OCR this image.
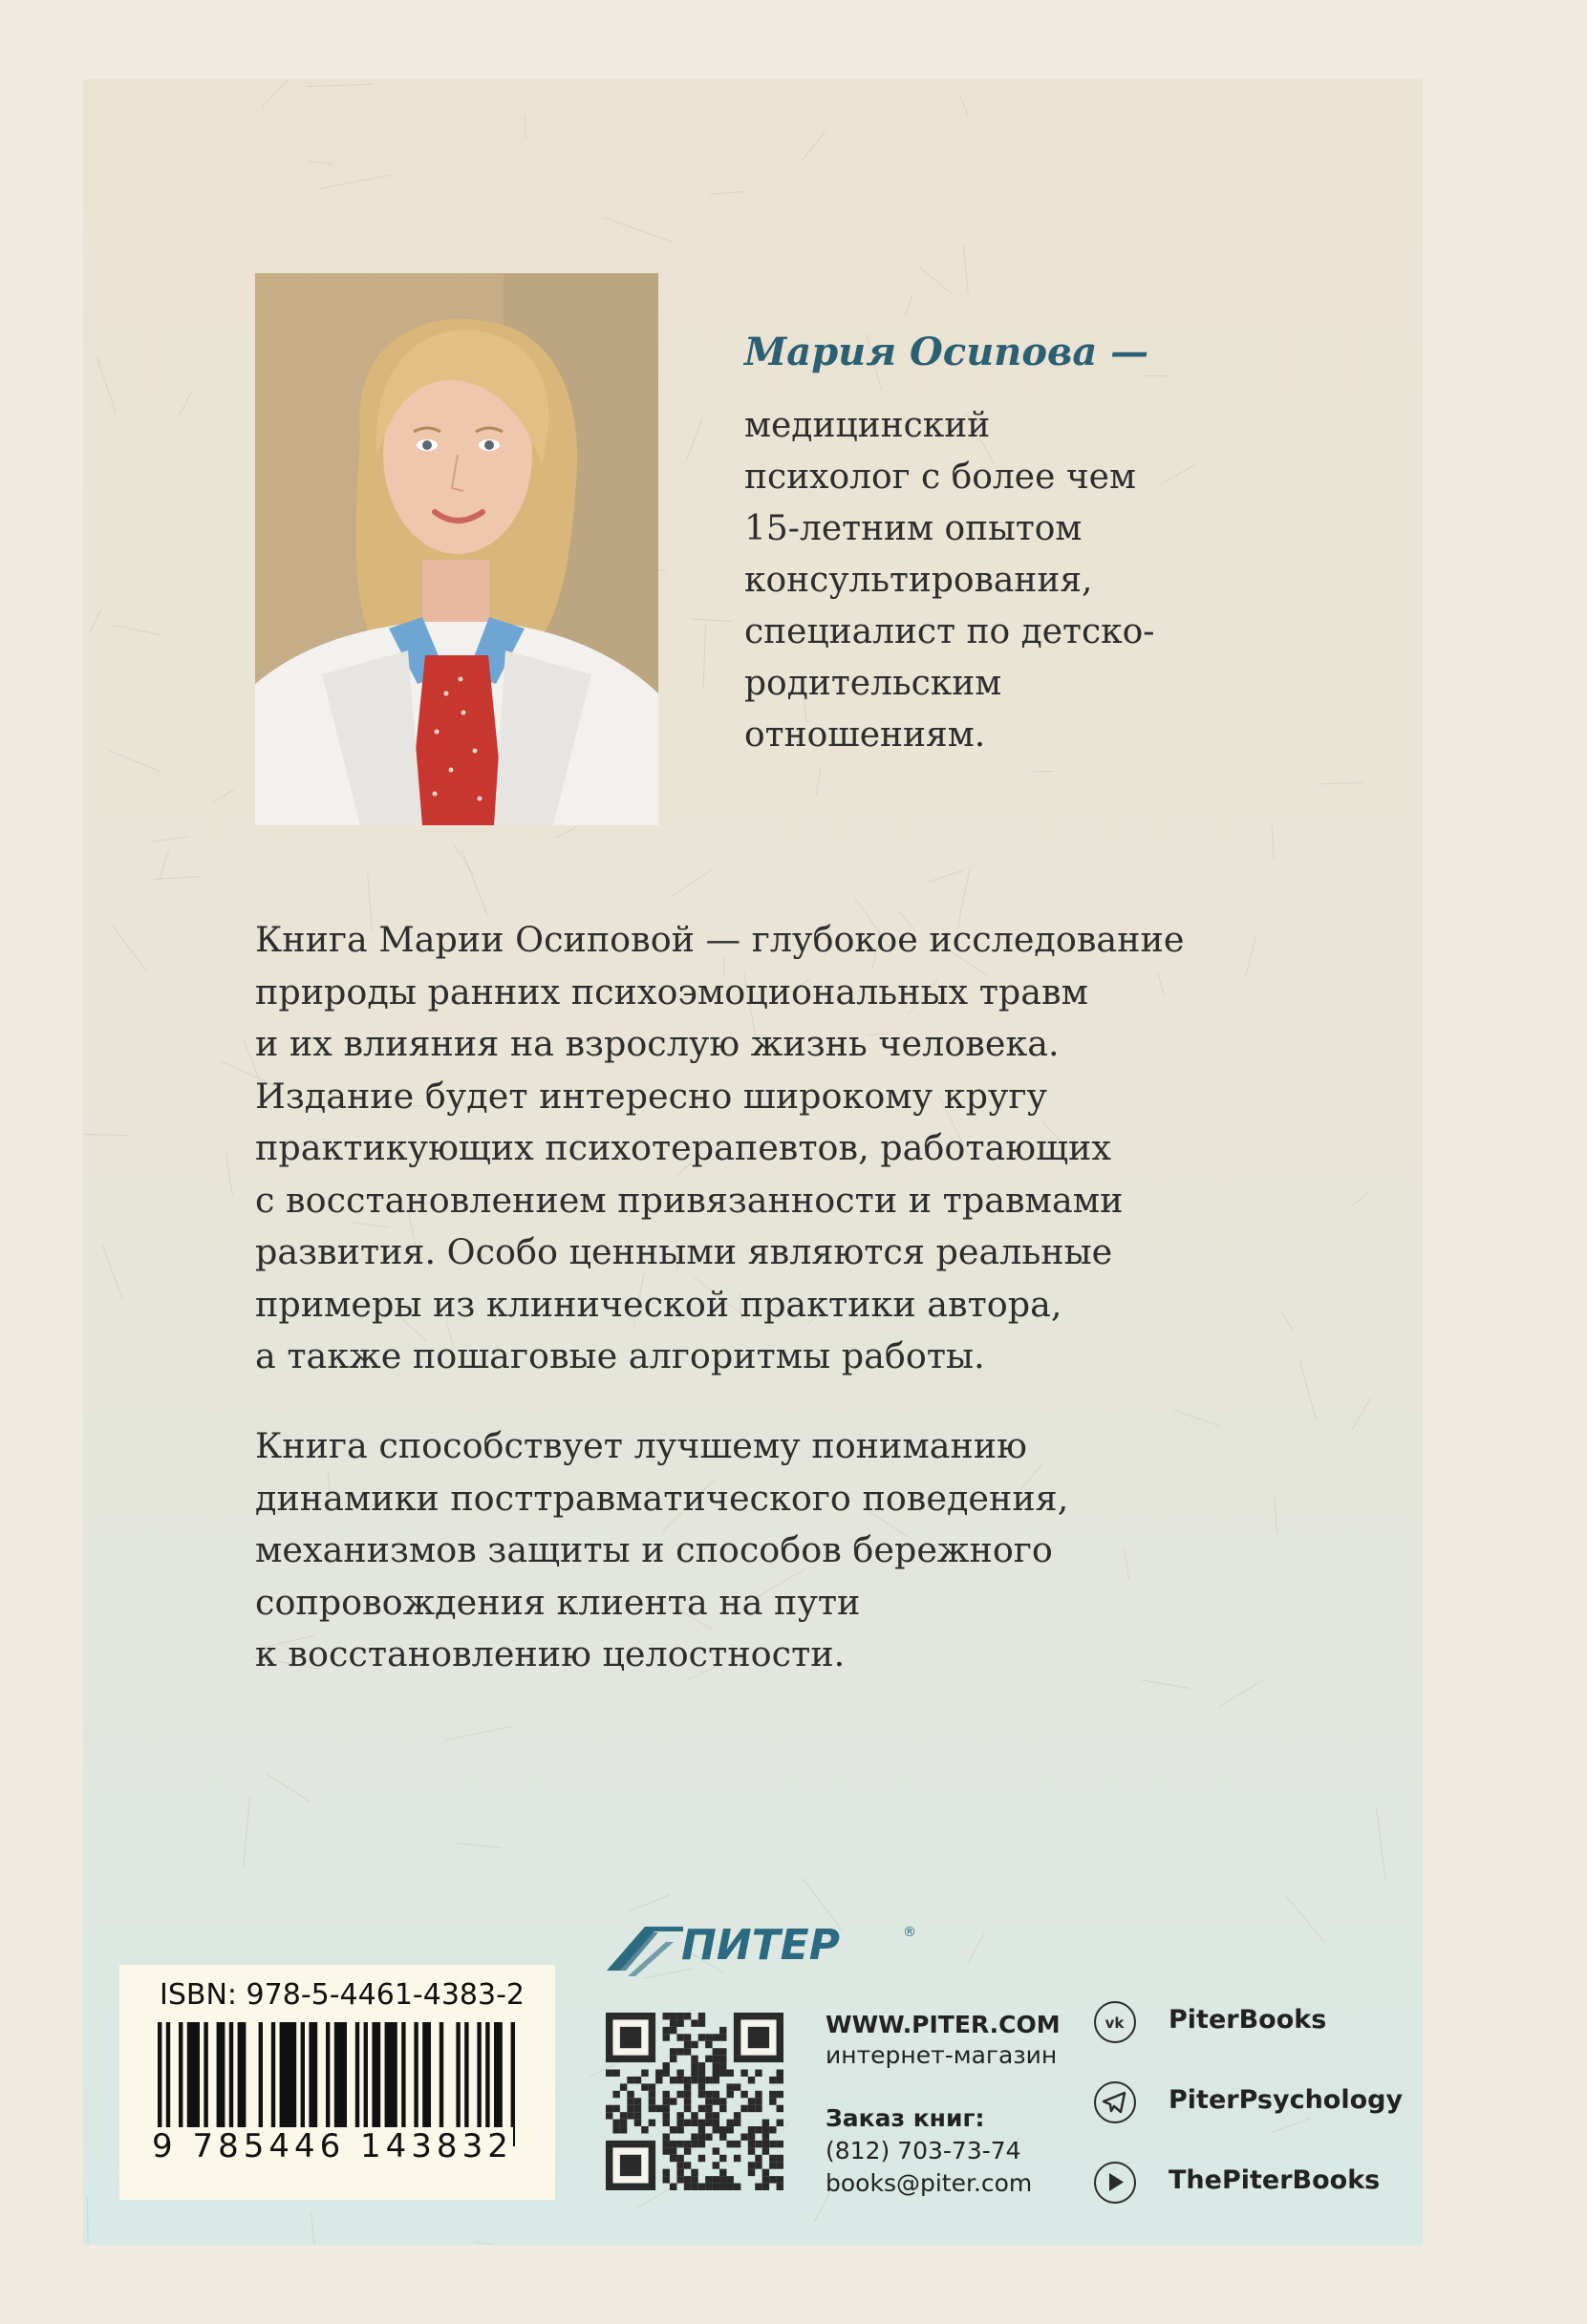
Мария Осипова —
медицинский
психолог с более чем
15-летним опытом
консультирования,
специалист по детско-
родительским
отношениям.
Книга Марии Осиповой — глубокое исследование
природы ранних психоэмоциональных травм
и их влияния на взрослую жизнь человека.
Издание будет интересно широкому кругу
практикующих психотерапевтов, работающих
с восстановлением привязанности и травмами
развития. Особо ценными являются реальные
примеры из клинической практики автора,
а также пошаговые алгоритмы работы.
Книга способствует лучшему пониманию
динамики посттравматического поведения,
механизмов защиты и способов бережного
сопровождения клиента на пути
к восстановлению целостности.
ISBN: 978-5-4461-4383-2
9 785446 143832
ПИТЕР	®
WWW.PITER.COM
интернет-магазин
Заказ книг:
(812) 703-73-74
books@piter.com
vk PiterBooks
PiterPsychology
ThePiterBooks
